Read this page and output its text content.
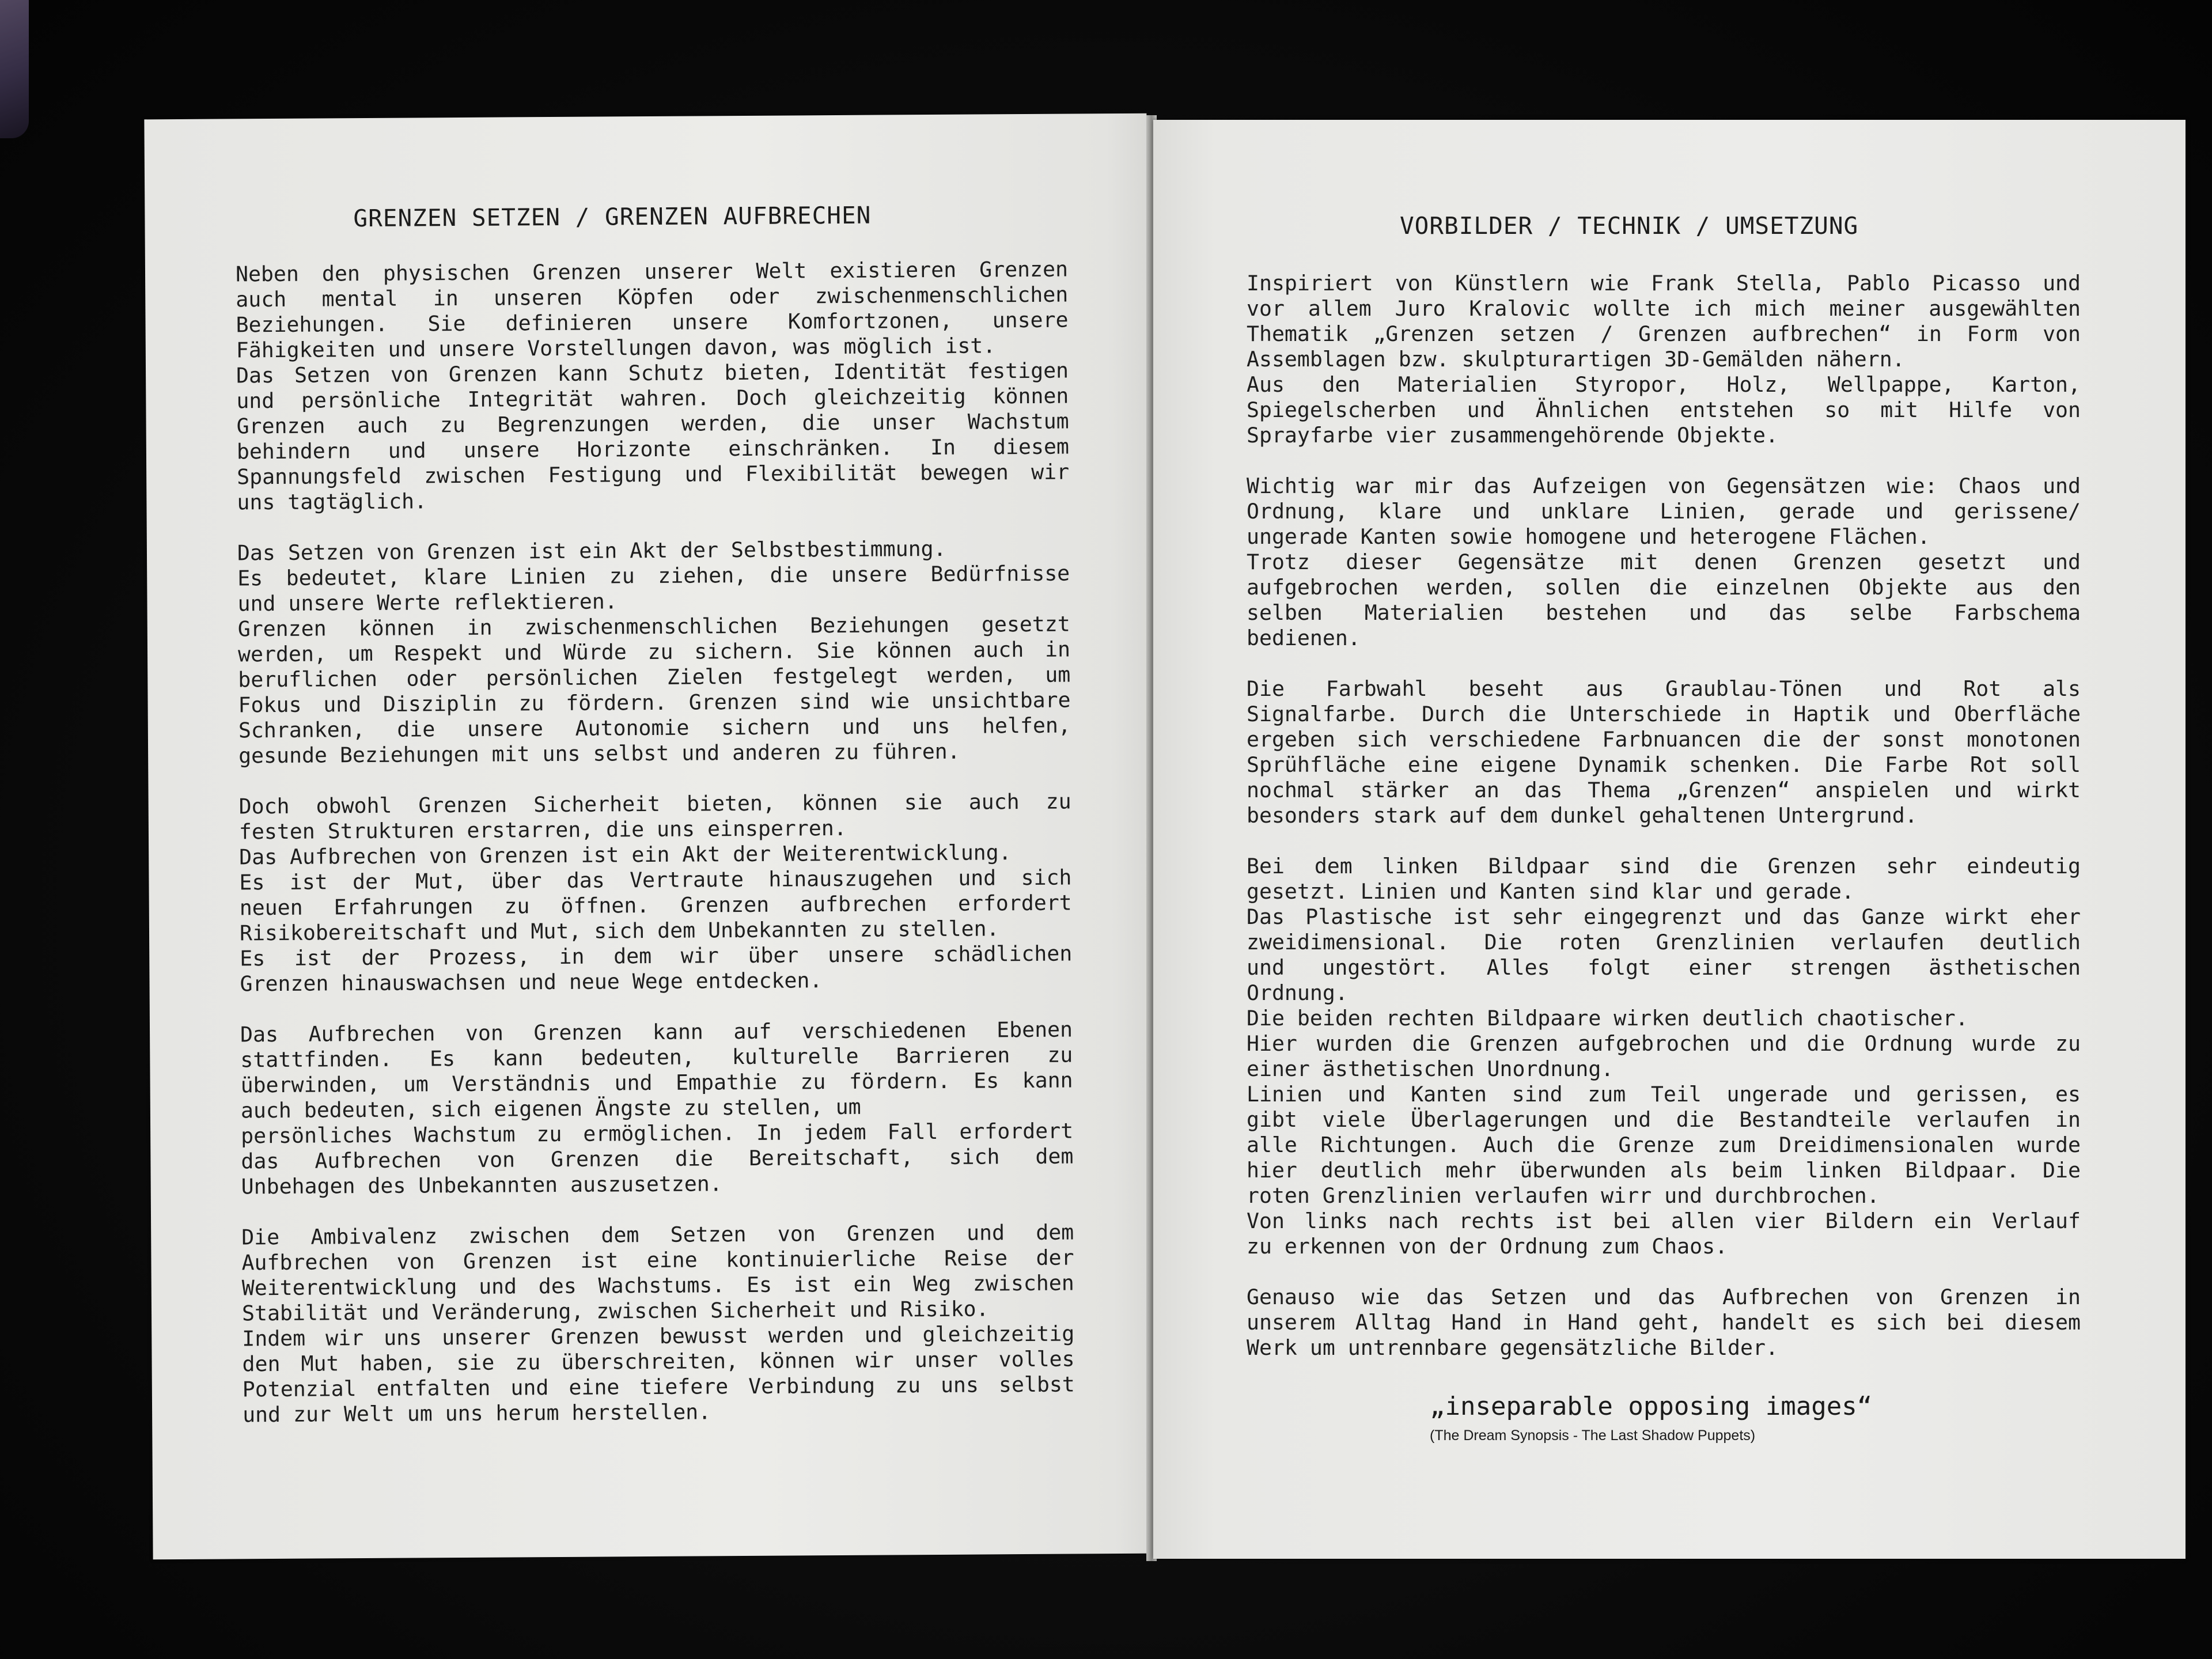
GRENZEN SETZEN / GRENZEN AUFBRECHEN

Neben den physischen Grenzen unserer Welt existieren Grenzen
auch mental in unseren Köpfen oder zwischenmenschlichen
Beziehungen. Sie definieren unsere Komfortzonen, unsere
Fähigkeiten und unsere Vorstellungen davon, was möglich ist.
Das Setzen von Grenzen kann Schutz bieten, Identität festigen
und persönliche Integrität wahren. Doch gleichzeitig können
Grenzen auch zu Begrenzungen werden, die unser Wachstum
behindern und unsere Horizonte einschränken. In diesem
Spannungsfeld zwischen Festigung und Flexibilität bewegen wir
uns tagtäglich.

Das Setzen von Grenzen ist ein Akt der Selbstbestimmung.
Es bedeutet, klare Linien zu ziehen, die unsere Bedürfnisse
und unsere Werte reflektieren.
Grenzen können in zwischenmenschlichen Beziehungen gesetzt
werden, um Respekt und Würde zu sichern. Sie können auch in
beruflichen oder persönlichen Zielen festgelegt werden, um
Fokus und Disziplin zu fördern. Grenzen sind wie unsichtbare
Schranken, die unsere Autonomie sichern und uns helfen,
gesunde Beziehungen mit uns selbst und anderen zu führen.

Doch obwohl Grenzen Sicherheit bieten, können sie auch zu
festen Strukturen erstarren, die uns einsperren.
Das Aufbrechen von Grenzen ist ein Akt der Weiterentwicklung.
Es ist der Mut, über das Vertraute hinauszugehen und sich
neuen Erfahrungen zu öffnen. Grenzen aufbrechen erfordert
Risikobereitschaft und Mut, sich dem Unbekannten zu stellen.
Es ist der Prozess, in dem wir über unsere schädlichen
Grenzen hinauswachsen und neue Wege entdecken.

Das Aufbrechen von Grenzen kann auf verschiedenen Ebenen
stattfinden. Es kann bedeuten, kulturelle Barrieren zu
überwinden, um Verständnis und Empathie zu fördern. Es kann
auch bedeuten, sich eigenen Ängste zu stellen, um
persönliches Wachstum zu ermöglichen. In jedem Fall erfordert
das Aufbrechen von Grenzen die Bereitschaft, sich dem
Unbehagen des Unbekannten auszusetzen.

Die Ambivalenz zwischen dem Setzen von Grenzen und dem
Aufbrechen von Grenzen ist eine kontinuierliche Reise der
Weiterentwicklung und des Wachstums. Es ist ein Weg zwischen
Stabilität und Veränderung, zwischen Sicherheit und Risiko.
Indem wir uns unserer Grenzen bewusst werden und gleichzeitig
den Mut haben, sie zu überschreiten, können wir unser volles
Potenzial entfalten und eine tiefere Verbindung zu uns selbst
und zur Welt um uns herum herstellen.

VORBILDER / TECHNIK / UMSETZUNG

Inspiriert von Künstlern wie Frank Stella, Pablo Picasso und
vor allem Juro Kralovic wollte ich mich meiner ausgewählten
Thematik „Grenzen setzen / Grenzen aufbrechen“ in Form von
Assemblagen bzw. skulpturartigen 3D-Gemälden nähern.
Aus den Materialien Styropor, Holz, Wellpappe, Karton,
Spiegelscherben und Ähnlichen entstehen so mit Hilfe von
Sprayfarbe vier zusammengehörende Objekte.

Wichtig war mir das Aufzeigen von Gegensätzen wie: Chaos und
Ordnung, klare und unklare Linien, gerade und gerissene/
ungerade Kanten sowie homogene und heterogene Flächen.
Trotz dieser Gegensätze mit denen Grenzen gesetzt und
aufgebrochen werden, sollen die einzelnen Objekte aus den
selben Materialien bestehen und das selbe Farbschema
bedienen.

Die Farbwahl beseht aus Graublau-Tönen und Rot als
Signalfarbe. Durch die Unterschiede in Haptik und Oberfläche
ergeben sich verschiedene Farbnuancen die der sonst monotonen
Sprühfläche eine eigene Dynamik schenken. Die Farbe Rot soll
nochmal stärker an das Thema „Grenzen“ anspielen und wirkt
besonders stark auf dem dunkel gehaltenen Untergrund.

Bei dem linken Bildpaar sind die Grenzen sehr eindeutig
gesetzt. Linien und Kanten sind klar und gerade.
Das Plastische ist sehr eingegrenzt und das Ganze wirkt eher
zweidimensional. Die roten Grenzlinien verlaufen deutlich
und ungestört. Alles folgt einer strengen ästhetischen
Ordnung.
Die beiden rechten Bildpaare wirken deutlich chaotischer.
Hier wurden die Grenzen aufgebrochen und die Ordnung wurde zu
einer ästhetischen Unordnung.
Linien und Kanten sind zum Teil ungerade und gerissen, es
gibt viele Überlagerungen und die Bestandteile verlaufen in
alle Richtungen. Auch die Grenze zum Dreidimensionalen wurde
hier deutlich mehr überwunden als beim linken Bildpaar. Die
roten Grenzlinien verlaufen wirr und durchbrochen.
Von links nach rechts ist bei allen vier Bildern ein Verlauf
zu erkennen von der Ordnung zum Chaos.

Genauso wie das Setzen und das Aufbrechen von Grenzen in
unserem Alltag Hand in Hand geht, handelt es sich bei diesem
Werk um untrennbare gegensätzliche Bilder.

„inseparable opposing images“
(The Dream Synopsis - The Last Shadow Puppets)
